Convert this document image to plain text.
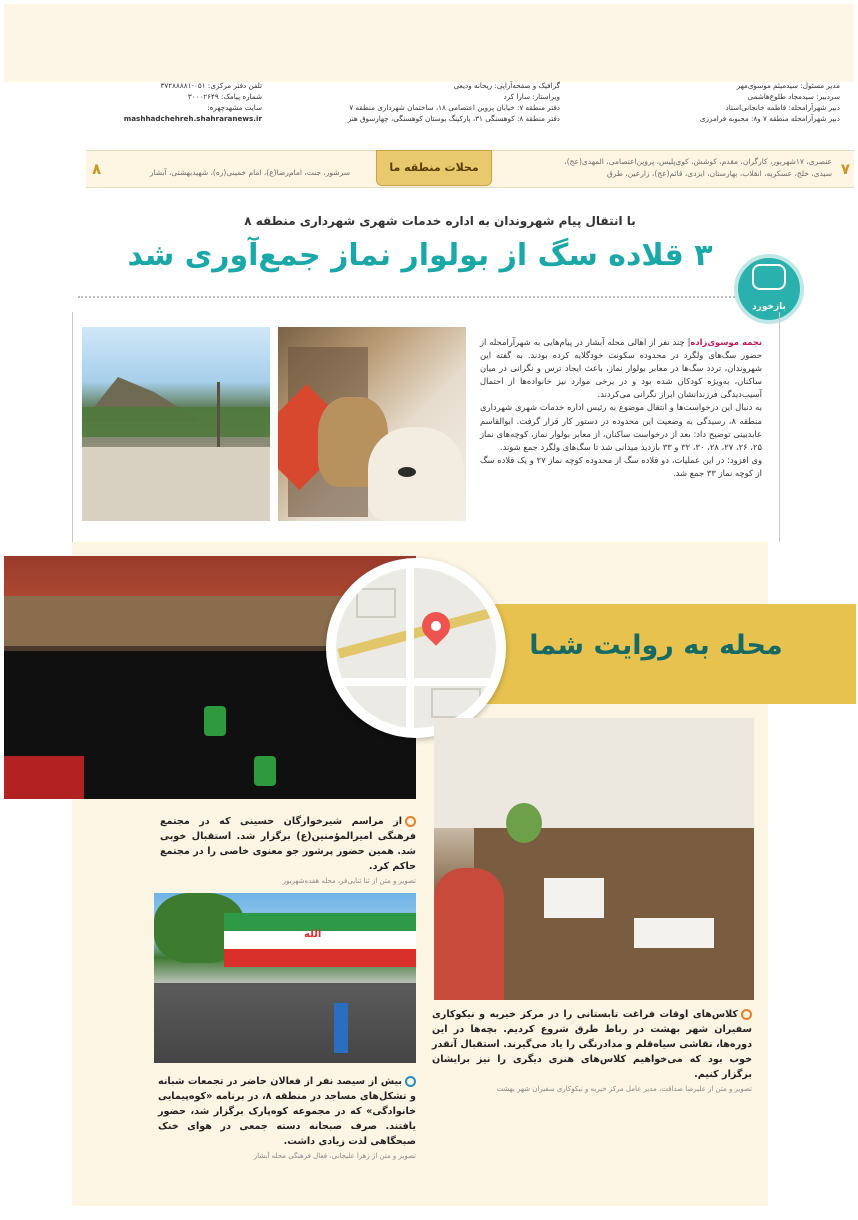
مدیر مسئول: سیدمیثم موسوی‌مهر
سردبیر: سیدمجاد طلوع‌هاشمی
دبیر شهرآرامحله: فاطمه خانجانی‌استاد
دبیر شهرآرامحله منطقه ۷ و۸: محبوبه فرامرزی
گرافیک و صفحه‌آرایی: ریحانه ودیعی
ویراستار: سارا کرد
دفتر منطقه ۷: خیابان پروین اعتصامی ۱۸، ساختمان شهرداری منطقه ۷
دفتر منطقه ۸: کوهسنگی ۳۱، پارکینگ بوستان کوهسنگی، چهارسوق هنر
تلفن دفتر مرکزی: ۰۵۱-۳۷۲۸۸۸۸۱
شماره پیامک: ۳۰۰۰۲۶۴۹
سایت مشهدچهره:
mashhadchehreh.shahraranews.ir
محلات منطقه ما	۷
۸	عنصری، ۱۷شهریور، کارگران، مقدم، کوشش، کوی‌پلیس، پروین‌اعتصامی، المهدی(عج)،
سیدی، خلج، عسکریه، انقلاب، بهارستان، ایزدی، قائم(عج)، زارعین، طرق
سرشور، جنت، امام‌رضا(ع)، امام خمینی(ره)، شهیدبهشتی، آبشار
با انتقال پیام شهروندان به اداره خدمات شهری شهرداری منطقه ۸
۳ قلاده سگ از بولوار نماز جمع‌آوری شد
بازخورد

نجمه موسوی‌زاده| چند نفر از اهالی محله آبشار در پیام‌هایی به شهرآرامحله از حضور سگ‌های ولگرد در محدوده سکونت خودگلایه کرده بودند. به گفته این شهروندان، تردد سگ‌ها در معابر بولوار نماز، باعث ایجاد ترس و نگرانی در میان ساکنان، به‌ویژه کودکان شده بود و در برخی موارد نیز خانواده‌ها از احتمال آسیب‌دیدگی فرزندانشان ابراز نگرانی می‌کردند.

به دنبال این درخواست‌ها و انتقال موضوع به رئیس اداره خدمات شهری شهرداری منطقه ۸، رسیدگی به وضعیت این محدوده در دستور کار قرار گرفت. ابوالقاسم عابدبینی توضیح داد: بعد از درخواست ساکنان، از معابر بولوار نماز، کوچه‌های نماز ۲۵، ۲۶، ۲۷، ۲۸، ۳۰، ۳۲ و ۳۳ بازدید میدانی شد تا سگ‌های ولگرد جمع شوند.

وی افزود: در این عملیات، دو قلاده سگ از محدوده کوچه نماز ۲۷ و یک قلاده سگ از کوچه نماز ۳۳ جمع شد.

محله به روایت شما
الله
از مراسم شیرخوارگان حسینی که در مجتمع فرهنگی امیرالمؤمنین(ع) برگزار شد. استقبال خوبی شد. همین حضور پرشور جو معنوی خاصی را در مجتمع حاکم کرد.
تصویر و متن از ثنا ثنایی‌فر، محله هفده‌شهریور
کلاس‌های اوقات فراغت تابستانی را در مرکز خیریه و نیکوکاری سفیران شهر بهشت در رباط طرق شروع کردیم. بچه‌ها در این دوره‌ها، نقاشی سیاه‌قلم و مدادرنگی را یاد می‌گیرند. استقبال آنقدر خوب بود که می‌خواهیم کلاس‌های هنری دیگری را نیز برایشان برگزار کنیم.
تصویر و متن از علیرضا صداقت، مدیر عامل مرکز خیریه و نیکوکاری سفیران شهر بهشت
بیش از سیصد نفر از فعالان حاضر در تجمعات شبانه و تشکل‌های مساجد در منطقه ۸، در برنامه «کوه‌پیمایی خانوادگی» که در مجموعه کوه‌پارک برگزار شد، حضور یافتند. صرف صبحانه دسته جمعی در هوای خنک صبحگاهی لذت زیادی داشت.
تصویر و متن از زهرا علیجانی، فعال فرهنگی محله آبشار
